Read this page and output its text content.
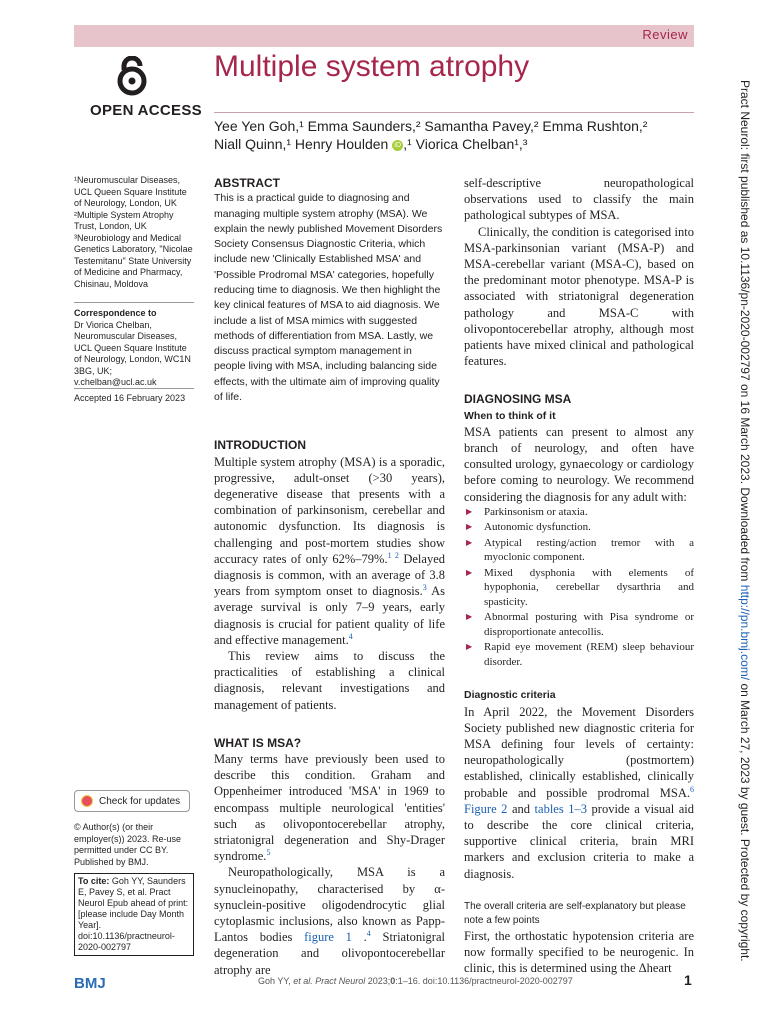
Review
OPEN ACCESS
Multiple system atrophy
Yee Yen Goh,¹ Emma Saunders,² Samantha Pavey,² Emma Rushton,²
Niall Quinn,¹ Henry Houlden iD ,¹ Viorica Chelban¹,³
¹Neuromuscular Diseases, UCL Queen Square Institute of Neurology, London, UK ²Multiple System Atrophy Trust, London, UK ³Neurobiology and Medical Genetics Laboratory, "Nicolae Testemitanu" State University of Medicine and Pharmacy, Chisinau, Moldova
Correspondence to
Dr Viorica Chelban, Neuromuscular Diseases, UCL Queen Square Institute of Neurology, London, WC1N 3BG, UK; v.chelban@ucl.ac.uk
Accepted 16 February 2023
Check for updates
© Author(s) (or their employer(s)) 2023. Re-use permitted under CC BY. Published by BMJ.
To cite: Goh YY, Saunders E, Pavey S, et al. Pract Neurol Epub ahead of print: [please include Day Month Year]. doi:10.1136/practneurol-2020-002797

ABSTRACT

This is a practical guide to diagnosing and managing multiple system atrophy (MSA). We explain the newly published Movement Disorders Society Consensus Diagnostic Criteria, which include new 'Clinically Established MSA' and 'Possible Prodromal MSA' categories, hopefully reducing time to diagnosis. We then highlight the key clinical features of MSA to aid diagnosis. We include a list of MSA mimics with suggested methods of differentiation from MSA. Lastly, we discuss practical symptom management in people living with MSA, including balancing side effects, with the ultimate aim of improving quality of life.

INTRODUCTION

Multiple system atrophy (MSA) is a sporadic, progressive, adult-onset (>30 years), degenerative disease that presents with a combination of parkinsonism, cerebellar and autonomic dysfunction. Its diagnosis is challenging and post-mortem studies show accuracy rates of only 62%–79%.$^{1 2}$ Delayed diagnosis is common, with an average of 3.8 years from symptom onset to diagnosis.$^3$ As average survival is only 7–9 years, early diagnosis is crucial for patient quality of life and effective management.$^4$

This review aims to discuss the practicalities of establishing a clinical diagnosis, relevant investigations and management of patients.

WHAT IS MSA?

Many terms have previously been used to describe this condition. Graham and Oppenheimer introduced 'MSA' in 1969 to encompass multiple neurological 'entities' such as olivopontocerebellar atrophy, striatonigral degeneration and Shy-Drager syndrome.$^5$

Neuropathologically, MSA is a synucleinopathy, characterised by α-synuclein-positive oligodendrocytic glial cytoplasmic inclusions, also known as Papp-Lantos bodies figure 1 .$^4$ Striatonigral degeneration and olivopontocerebellar atrophy are

self-descriptive neuropathological observations used to classify the main pathological subtypes of MSA.

Clinically, the condition is categorised into MSA-parkinsonian variant (MSA-P) and MSA-cerebellar variant (MSA-C), based on the predominant motor phenotype. MSA-P is associated with striatonigral degeneration pathology and MSA-C with olivopontocerebellar atrophy, although most patients have mixed clinical and pathological features.

DIAGNOSING MSA

When to think of it

MSA patients can present to almost any branch of neurology, and often have consulted urology, gynaecology or cardiology before coming to neurology. We recommend considering the diagnosis for any adult with:

▶ Parkinsonism or ataxia.
▶ Autonomic dysfunction.
▶ Atypical resting/action tremor with a myoclonic component.
▶ Mixed dysphonia with elements of hypophonia, cerebellar dysarthria and spasticity.
▶ Abnormal posturing with Pisa syndrome or disproportionate antecollis.
▶ Rapid eye movement (REM) sleep behaviour disorder.

Diagnostic criteria

In April 2022, the Movement Disorders Society published new diagnostic criteria for MSA defining four levels of certainty: neuropathologically (postmortem) established, clinically established, clinically probable and possible prodromal MSA.$^6$ Figure 2 and tables 1–3 provide a visual aid to describe the core clinical criteria, supportive clinical criteria, brain MRI markers and exclusion criteria to make a diagnosis.

The overall criteria are self-explanatory but please note a few points

First, the orthostatic hypotension criteria are now formally specified to be neurogenic. In clinic, this is determined using the Δheart

BMJ	Goh YY, et al. Pract Neurol 2023;0:1–16. doi:10.1136/practneurol-2020-002797	1
Pract Neurol: first published as 10.1136/pn-2020-002797 on 16 March 2023. Downloaded from http://pn.bmj.com/ on March 27, 2023 by guest. Protected by copyright.
